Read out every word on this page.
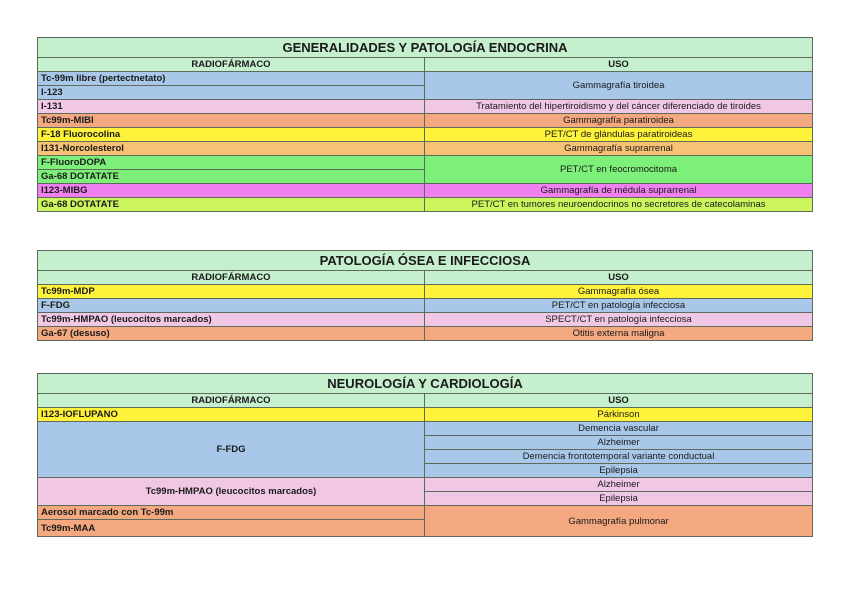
GENERALIDADES Y PATOLOGÍA ENDOCRINA	
RADIOFÁRMACO	USO
Tc-99m libre (pertectnetato)	Gammagrafía tiroidea
I-123	
I-131	Tratamiento del hipertiroidismo y del cáncer diferenciado de tiroides
Tc99m-MIBI	Gammagrafía paratiroidea
F-18 Fluorocolina	PET/CT de glándulas paratiroideas
I131-Norcolesterol	Gammagrafía suprarrenal
F-FluoroDOPA	PET/CT en feocromocitoma
Ga-68 DOTATATE	
I123-MIBG	Gammagrafía de médula suprarrenal
Ga-68 DOTATATE	PET/CT en tumores neuroendocrinos no secretores de catecolaminas
PATOLOGÍA ÓSEA E INFECCIOSA	
RADIOFÁRMACO	USO
Tc99m-MDP	Gammagrafía ósea
F-FDG	PET/CT en patología infecciosa
Tc99m-HMPAO (leucocitos marcados)	SPECT/CT en patología infecciosa
Ga-67 (desuso)	Otitis externa maligna
NEUROLOGÍA Y CARDIOLOGÍA	
RADIOFÁRMACO	USO
I123-IOFLUPANO	Párkinson
F-FDG	Demencia vascular
	Alzheimer
	Demencia frontotemporal variante conductual
	Epilepsia
Tc99m-HMPAO (leucocitos marcados)	Alzheimer
	Epilepsia
Aerosol marcado con Tc-99m	Gammagrafía pulmonar
Tc99m-MAA	
